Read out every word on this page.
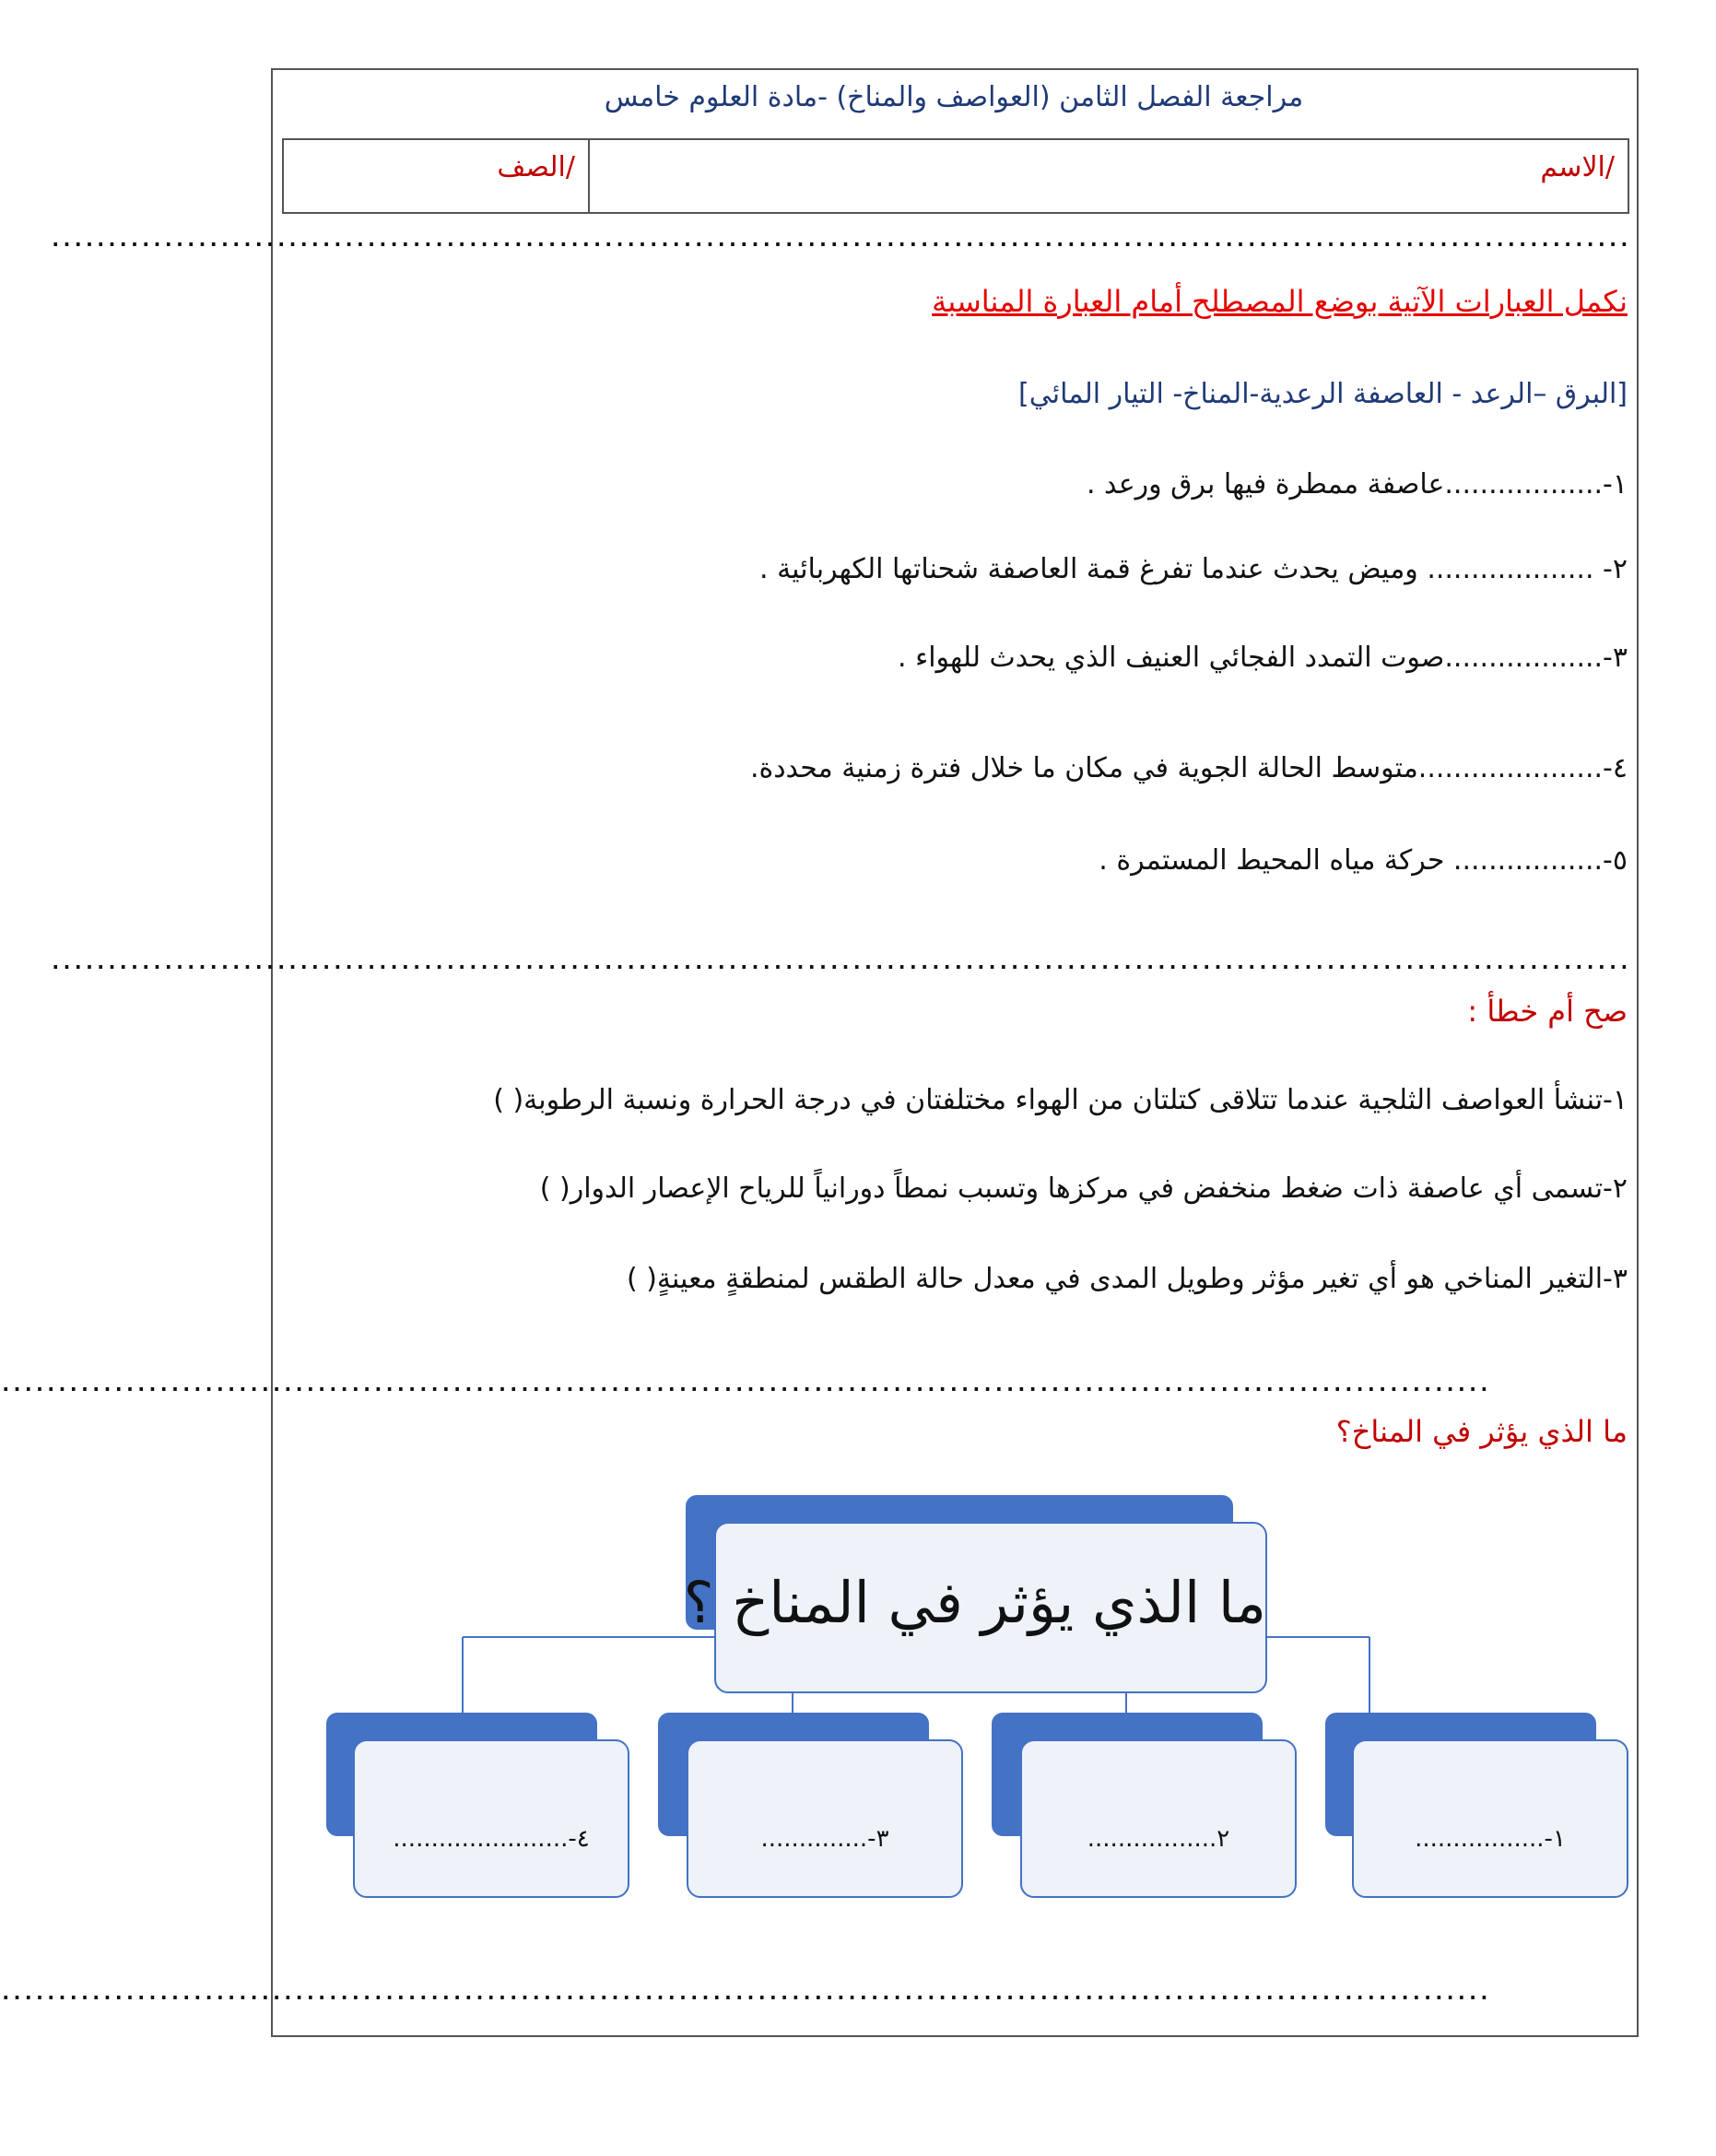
مراجعة الفصل الثامن (العواصف والمناخ) -مادة العلوم خامس
الصف/	الاسم/
............................................................................................................................................
نكمل العبارات الآتية بوضع المصطلح أمام العبارة المناسبة
[البرق –الرعد - العاصفة الرعدية-المناخ- التيار المائي]
١-..................عاصفة ممطرة فيها برق ورعد .
٢- ................... وميض يحدث عندما تفرغ قمة العاصفة شحناتها الكهربائية .
٣-..................صوت التمدد الفجائي العنيف الذي يحدث للهواء .
٤-.....................متوسط الحالة الجوية في مكان ما خلال فترة زمنية محددة.
٥-................. حركة مياه المحيط المستمرة .
............................................................................................................................................
صح أم خطأ :
١-تنشأ العواصف الثلجية عندما تتلاقى كتلتان من الهواء مختلفتان في درجة الحرارة ونسبة الرطوبة( )
٢-تسمى أي عاصفة ذات ضغط منخفض في مركزها وتسبب نمطاً دورانياً للرياح الإعصار الدوار( )
٣-التغير المناخي هو أي تغير مؤثر وطويل المدى في معدل حالة الطقس لمنطقةٍ معينةٍ( )
....................................................................................................................................
ما الذي يؤثر في المناخ؟
ما الذي يؤثر في المناخ ؟
١-.................
٢.................
٣-..............
٤-.......................
....................................................................................................................................
